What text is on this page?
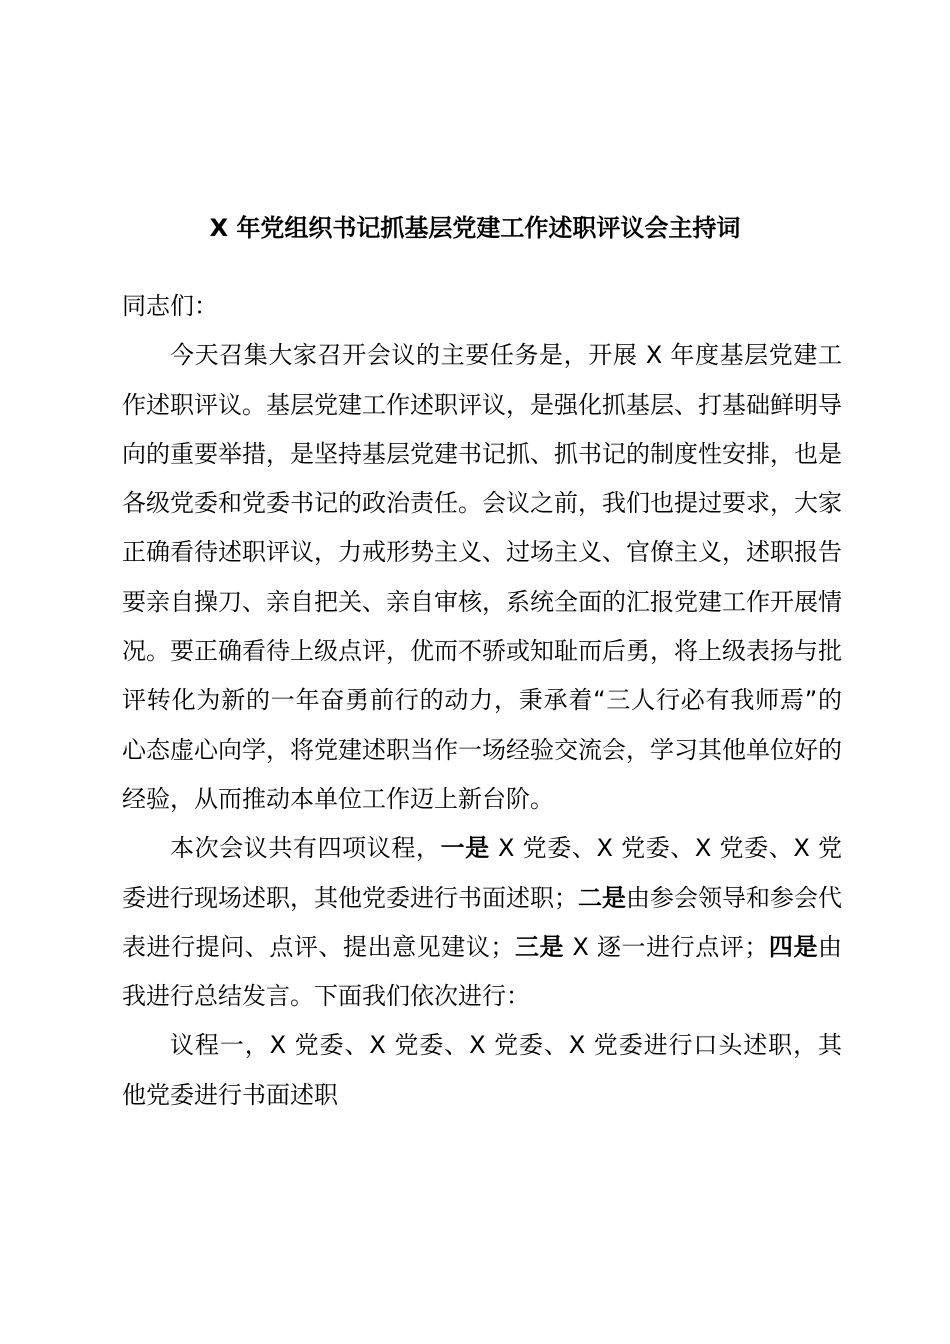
X 年党组织书记抓基层党建工作述职评议会主持词

同志们：

今天召集大家召开会议的主要任务是，开展 X 年度基层党建工作述职评议。基层党建工作述职评议，是强化抓基层、打基础鲜明导向的重要举措，是坚持基层党建书记抓、抓书记的制度性安排，也是各级党委和党委书记的政治责任。会议之前，我们也提过要求，大家正确看待述职评议，力戒形势主义、过场主义、官僚主义，述职报告要亲自操刀、亲自把关、亲自审核，系统全面的汇报党建工作开展情况。要正确看待上级点评，优而不骄或知耻而后勇，将上级表扬与批评转化为新的一年奋勇前行的动力，秉承着“三人行必有我师焉”的心态虚心向学，将党建述职当作一场经验交流会，学习其他单位好的经验，从而推动本单位工作迈上新台阶。

本次会议共有四项议程，一是 X 党委、X 党委、X 党委、X 党委进行现场述职，其他党委进行书面述职；二是由参会领导和参会代表进行提问、点评、提出意见建议；三是 X 逐一进行点评；四是由我进行总结发言。下面我们依次进行：

议程一，X 党委、X 党委、X 党委、X 党委进行口头述职，其他党委进行书面述职
